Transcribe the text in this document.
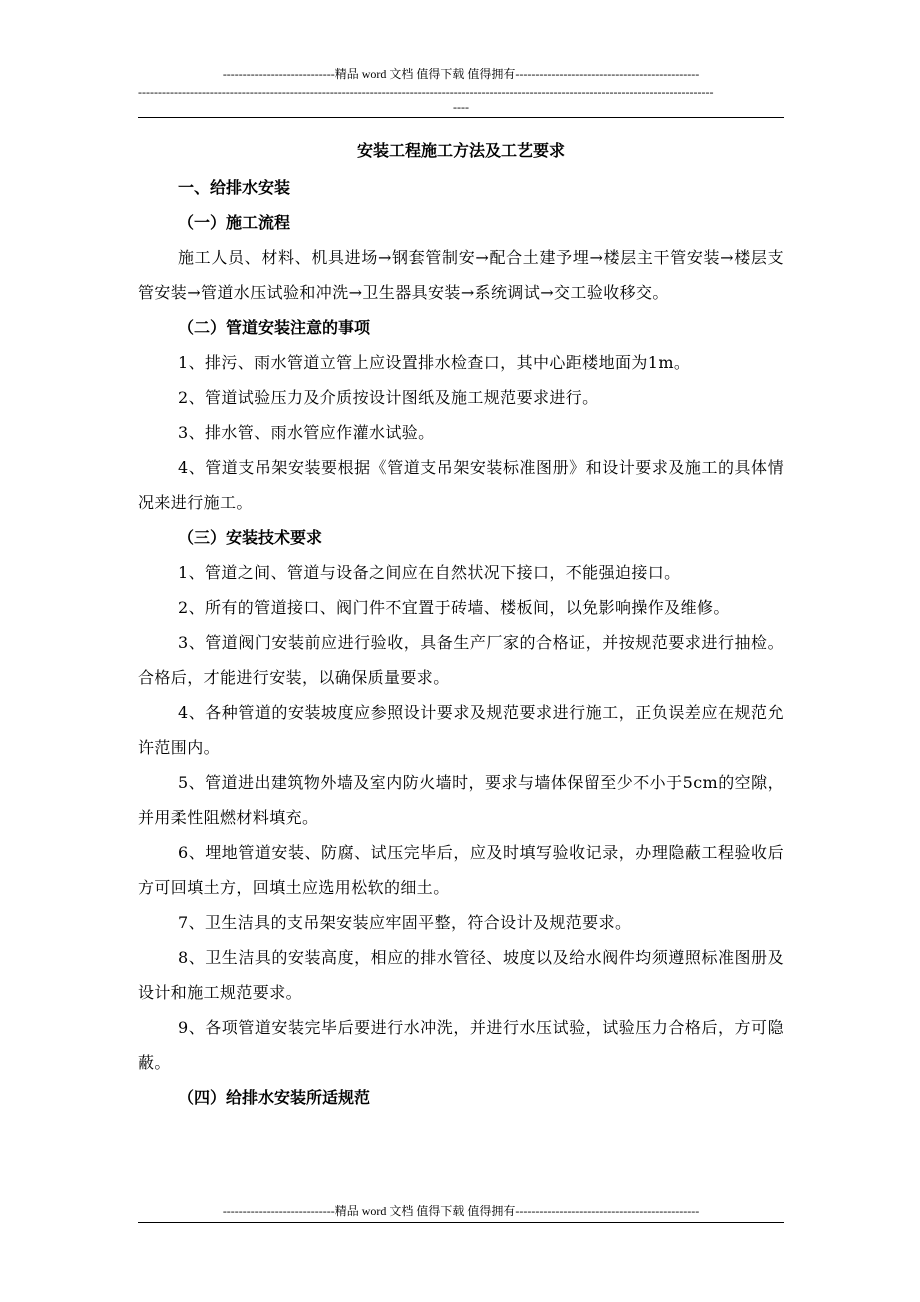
----------------------------精品 word 文档 值得下载 值得拥有----------------------------------------------
------------------------------------------------------------------------------------------------------------------------------------------------
----
安装工程施工方法及工艺要求
一、给排水安装
（一）施工流程

施工人员、材料、机具进场→钢套管制安→配合土建予埋→楼层主干管安装→楼层支管安装→管道水压试验和冲洗→卫生器具安装→系统调试→交工验收移交。

（二）管道安装注意的事项

1、排污、雨水管道立管上应设置排水检查口，其中心距楼地面为1m。

2、管道试验压力及介质按设计图纸及施工规范要求进行。

3、排水管、雨水管应作灌水试验。

4、管道支吊架安装要根据《管道支吊架安装标准图册》和设计要求及施工的具体情况来进行施工。

（三）安装技术要求

1、管道之间、管道与设备之间应在自然状况下接口，不能强迫接口。

2、所有的管道接口、阀门件不宜置于砖墙、楼板间，以免影响操作及维修。

3、管道阀门安装前应进行验收，具备生产厂家的合格证，并按规范要求进行抽检。合格后，才能进行安装，以确保质量要求。

4、各种管道的安装坡度应参照设计要求及规范要求进行施工，正负误差应在规范允许范围内。

5、管道进出建筑物外墙及室内防火墙时，要求与墙体保留至少不小于5cm的空隙，并用柔性阻燃材料填充。

6、埋地管道安装、防腐、试压完毕后，应及时填写验收记录，办理隐蔽工程验收后方可回填土方，回填土应选用松软的细土。

7、卫生洁具的支吊架安装应牢固平整，符合设计及规范要求。

8、卫生洁具的安装高度，相应的排水管径、坡度以及给水阀件均须遵照标准图册及设计和施工规范要求。

9、各项管道安装完毕后要进行水冲洗，并进行水压试验，试验压力合格后，方可隐蔽。

（四）给排水安装所适规范
----------------------------精品 word 文档 值得下载 值得拥有----------------------------------------------
